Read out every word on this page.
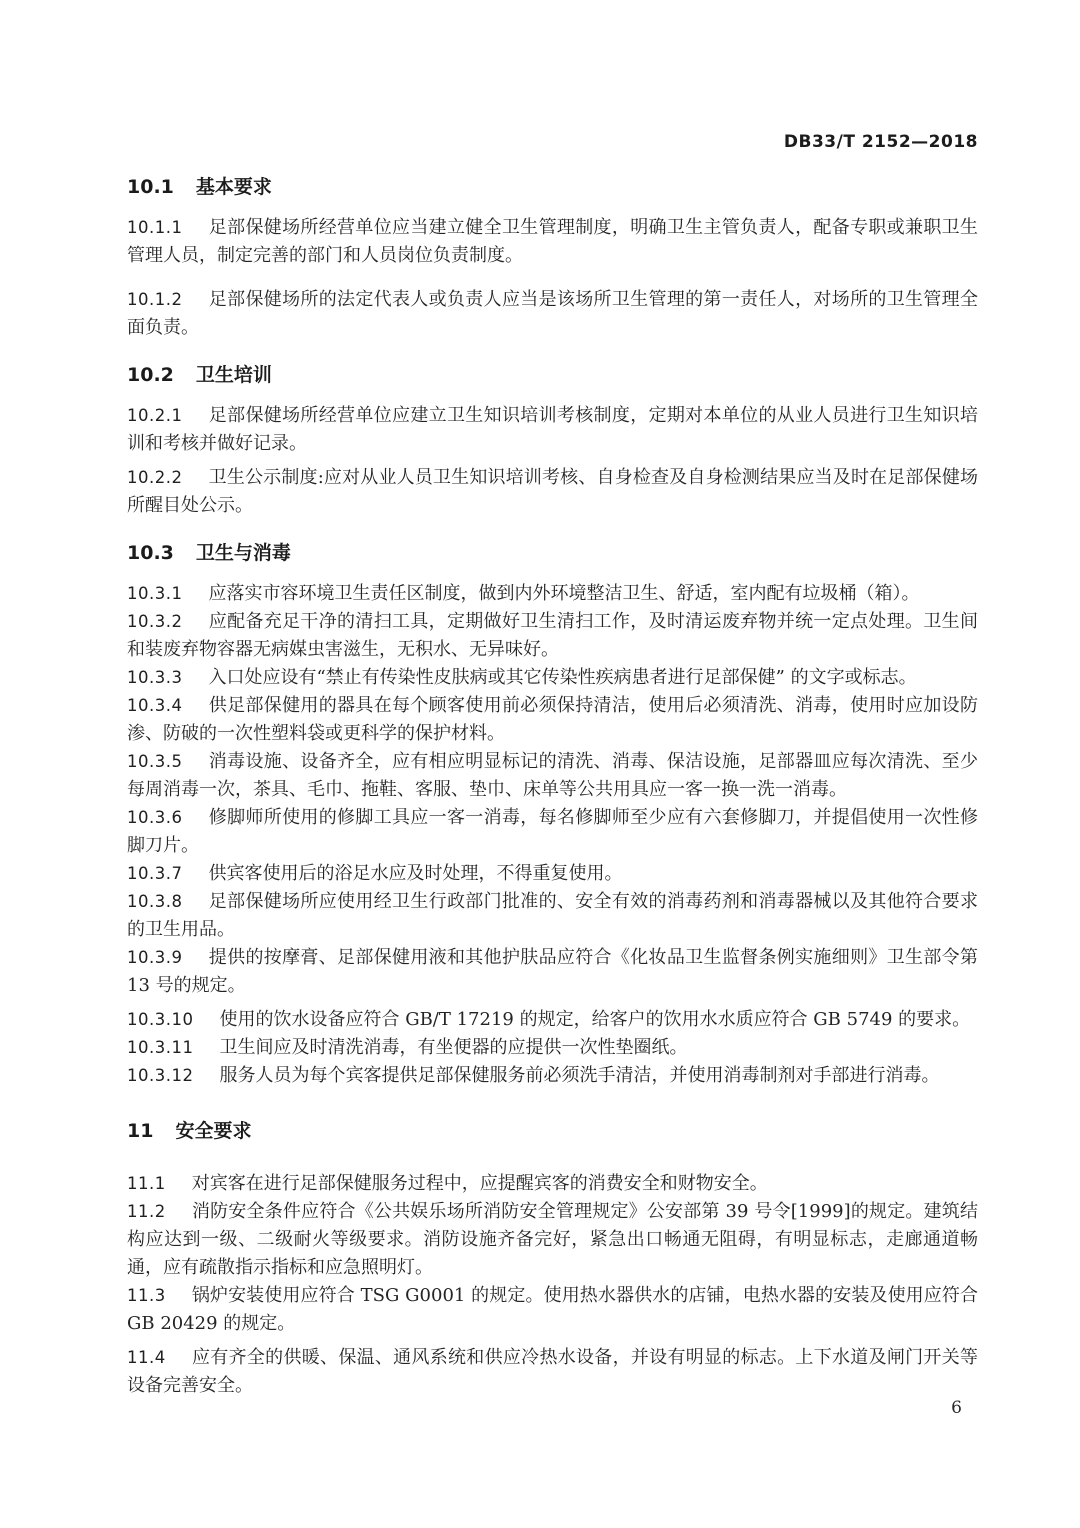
DB33/T 2152—2018
10.1 基本要求
10.1.1 足部保健场所经营单位应当建立健全卫生管理制度，明确卫生主管负责人，配备专职或兼职卫生管理人员，制定完善的部门和人员岗位负责制度。
10.1.2 足部保健场所的法定代表人或负责人应当是该场所卫生管理的第一责任人，对场所的卫生管理全面负责。
10.2 卫生培训
10.2.1 足部保健场所经营单位应建立卫生知识培训考核制度，定期对本单位的从业人员进行卫生知识培训和考核并做好记录。
10.2.2 卫生公示制度:应对从业人员卫生知识培训考核、自身检查及自身检测结果应当及时在足部保健场所醒目处公示。
10.3 卫生与消毒
10.3.1 应落实市容环境卫生责任区制度，做到内外环境整洁卫生、舒适，室内配有垃圾桶（箱）。
10.3.2 应配备充足干净的清扫工具，定期做好卫生清扫工作，及时清运废弃物并统一定点处理。卫生间和装废弃物容器无病媒虫害滋生，无积水、无异味好。
10.3.3 入口处应设有“禁止有传染性皮肤病或其它传染性疾病患者进行足部保健” 的文字或标志。
10.3.4 供足部保健用的器具在每个顾客使用前必须保持清洁，使用后必须清洗、消毒，使用时应加设防渗、防破的一次性塑料袋或更科学的保护材料。
10.3.5 消毒设施、设备齐全，应有相应明显标记的清洗、消毒、保洁设施，足部器皿应每次清洗、至少每周消毒一次，茶具、毛巾、拖鞋、客服、垫巾、床单等公共用具应一客一换一洗一消毒。
10.3.6 修脚师所使用的修脚工具应一客一消毒，每名修脚师至少应有六套修脚刀，并提倡使用一次性修脚刀片。
10.3.7 供宾客使用后的浴足水应及时处理，不得重复使用。
10.3.8 足部保健场所应使用经卫生行政部门批准的、安全有效的消毒药剂和消毒器械以及其他符合要求的卫生用品。
10.3.9 提供的按摩膏、足部保健用液和其他护肤品应符合《化妆品卫生监督条例实施细则》卫生部令第 13 号的规定。
10.3.10 使用的饮水设备应符合 GB/T 17219 的规定，给客户的饮用水水质应符合 GB 5749 的要求。
10.3.11 卫生间应及时清洗消毒，有坐便器的应提供一次性垫圈纸。
10.3.12 服务人员为每个宾客提供足部保健服务前必须洗手清洁，并使用消毒制剂对手部进行消毒。
11 安全要求
11.1 对宾客在进行足部保健服务过程中，应提醒宾客的消费安全和财物安全。
11.2 消防安全条件应符合《公共娱乐场所消防安全管理规定》公安部第 39 号令[1999]的规定。建筑结构应达到一级、二级耐火等级要求。消防设施齐备完好，紧急出口畅通无阻碍，有明显标志，走廊通道畅通，应有疏散指示指标和应急照明灯。
11.3 锅炉安装使用应符合 TSG G0001 的规定。使用热水器供水的店铺，电热水器的安装及使用应符合 GB 20429 的规定。
11.4 应有齐全的供暖、保温、通风系统和供应冷热水设备，并设有明显的标志。上下水道及闸门开关等设备完善安全。
6
